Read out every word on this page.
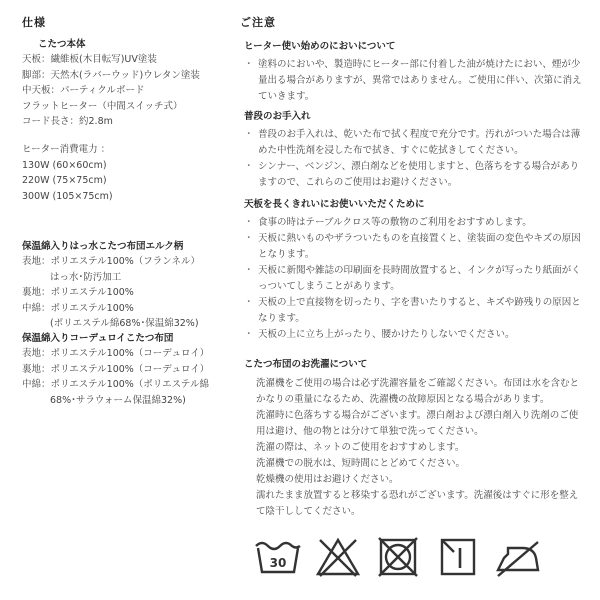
仕様
こたつ本体
天板：繊維板(木目転写)UV塗装
脚部：天然木(ラバーウッド)ウレタン塗装
中天板：パーティクルボード
フラットヒーター（中間スイッチ式）
コード長さ：約2.8m
ヒーター消費電力 ：
130W (60×60cm)
220W (75×75cm)
300W (105×75cm)
保温綿入りはっ水こたつ布団エルク柄
表地：ポリエステル100%（フランネル）
はっ水･防汚加工
裏地：ポリエステル100%
中綿：ポリエステル100%
(ポリエステル綿68%･保温綿32%)
保温綿入りコーデュロイこたつ布団
表地：ポリエステル100%（コーデュロイ）
裏地：ポリエステル100%（コーデュロイ）
中綿：ポリエステル100%（ポリエステル綿
68%･サラウォーム保温綿32%)
ご注意
ヒーター使い始めのにおいについて
・ 塗料のにおいや、製造時にヒーター部に付着した油が焼けたにおい、煙が少量出る場合がありますが、異常ではありません。ご使用に伴い、次第に消えていきます。
普段のお手入れ
・ 普段のお手入れは、乾いた布で拭く程度で充分です。汚れがついた場合は薄めた中性洗剤を浸した布で拭き、すぐに乾拭きしてください。
・ シンナー、ベンジン、漂白剤などを使用しますと、色落ちをする場合がありますので、これらのご使用はお避けください。
天板を長くきれいにお使いいただくために
・ 食事の時はテーブルクロス等の敷物のご利用をおすすめします。
・ 天板に熱いものやザラついたものを直接置くと、塗装面の変色やキズの原因となります。
・ 天板に新聞や雑誌の印刷面を長時間放置すると、インクが写ったり紙面がくっついてしまうことがあります。
・ 天板の上で直接物を切ったり、字を書いたりすると、キズや跡残りの原因となります。
・ 天板の上に立ち上がったり、腰かけたりしないでください。
こたつ布団のお洗濯について
洗濯機をご使用の場合は必ず洗濯容量をご確認ください。布団は水を含むとかなりの重量になるため、洗濯機の故障原因となる場合があります。
洗濯時に色落ちする場合がございます。漂白剤および漂白剤入り洗剤のご使用は避け、他の物とは分けて単独で洗ってください。
洗濯の際は、ネットのご使用をおすすめします。
洗濯機での脱水は、短時間にとどめてください。
乾燥機の使用はお避けください。
濡れたまま放置すると移染する恐れがございます。洗濯後はすぐに形を整えて陰干ししてください。
30
